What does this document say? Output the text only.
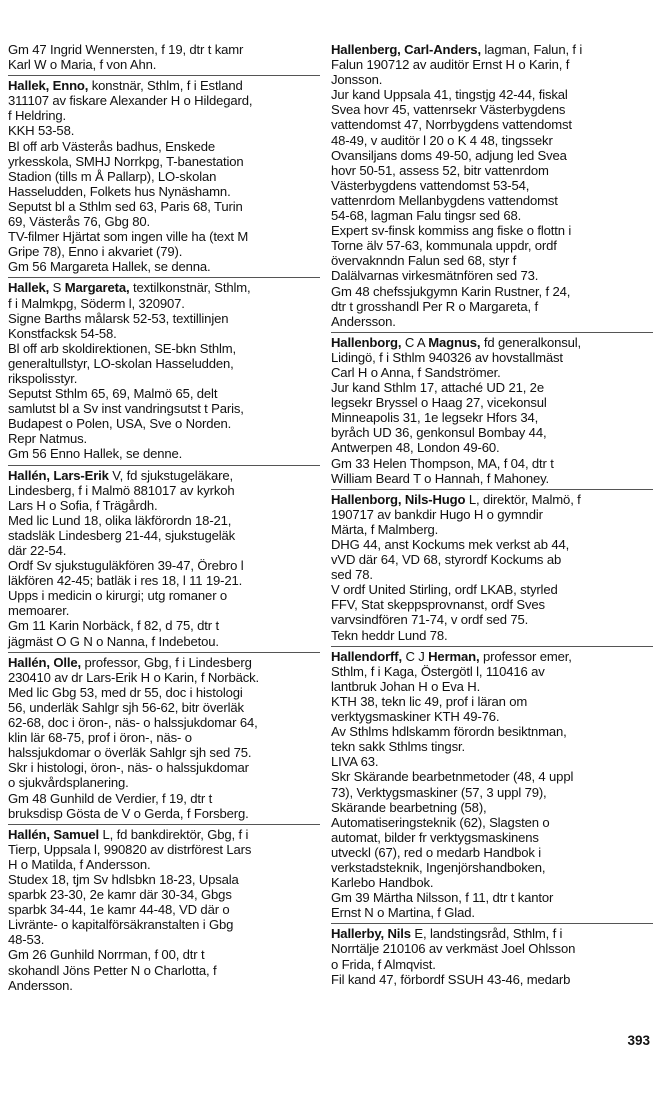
Gm 47 Ingrid Wennersten, f 19, dtr t kamr
Karl W o Maria, f von Ahn.
Hallek, Enno, konstnär, Sthlm, f i Estland
311107 av fiskare Alexander H o Hildegard,
f Heldring.
KKH 53-58.
Bl off arb Västerås badhus, Enskede
yrkesskola, SMHJ Norrkpg, T-banestation
Stadion (tills m Å Pallarp), LO-skolan
Hasseludden, Folkets hus Nynäshamn.
Seputst bl a Sthlm sed 63, Paris 68, Turin
69, Västerås 76, Gbg 80.
TV-filmer Hjärtat som ingen ville ha (text M
Gripe 78), Enno i akvariet (79).
Gm 56 Margareta Hallek, se denna.
Hallek, S Margareta, textilkonstnär, Sthlm,
f i Malmkpg, Söderm l, 320907.
Signe Barths målarsk 52-53, textillinjen
Konstfacksk 54-58.
Bl off arb skoldirektionen, SE-bkn Sthlm,
generaltullstyr, LO-skolan Hasseludden,
rikspolisstyr.
Seputst Sthlm 65, 69, Malmö 65, delt
samlutst bl a Sv inst vandringsutst t Paris,
Budapest o Polen, USA, Sve o Norden.
Repr Natmus.
Gm 56 Enno Hallek, se denne.
Hallén, Lars-Erik V, fd sjukstugeläkare,
Lindesberg, f i Malmö 881017 av kyrkoh
Lars H o Sofia, f Trägårdh.
Med lic Lund 18, olika läkförordn 18-21,
stadsläk Lindesberg 21-44, sjukstugeläk
där 22-54.
Ordf Sv sjukstuguläkfören 39-47, Örebro l
läkfören 42-45; batläk i res 18, l 11 19-21.
Upps i medicin o kirurgi; utg romaner o
memoarer.
Gm 11 Karin Norbäck, f 82, d 75, dtr t
jägmäst O G N o Nanna, f Indebetou.
Hallén, Olle, professor, Gbg, f i Lindesberg
230410 av dr Lars-Erik H o Karin, f Norbäck.
Med lic Gbg 53, med dr 55, doc i histologi
56, underläk Sahlgr sjh 56-62, bitr överläk
62-68, doc i öron-, näs- o halssjukdomar 64,
klin lär 68-75, prof i öron-, näs- o
halssjukdomar o överläk Sahlgr sjh sed 75.
Skr i histologi, öron-, näs- o halssjukdomar
o sjukvårdsplanering.
Gm 48 Gunhild de Verdier, f 19, dtr t
bruksdisp Gösta de V o Gerda, f Forsberg.
Hallén, Samuel L, fd bankdirektör, Gbg, f i
Tierp, Uppsala l, 990820 av distrförest Lars
H o Matilda, f Andersson.
Studex 18, tjm Sv hdlsbkn 18-23, Upsala
sparbk 23-30, 2e kamr där 30-34, Gbgs
sparbk 34-44, 1e kamr 44-48, VD där o
Livränte- o kapitalförsäkranstalten i Gbg
48-53.
Gm 26 Gunhild Norrman, f 00, dtr t
skohandl Jöns Petter N o Charlotta, f
Andersson.
Hallenberg, Carl-Anders, lagman, Falun, f i
Falun 190712 av auditör Ernst H o Karin, f
Jonsson.
Jur kand Uppsala 41, tingstjg 42-44, fiskal
Svea hovr 45, vattenrsekr Västerbygdens
vattendomst 47, Norrbygdens vattendomst
48-49, v auditör l 20 o K 4 48, tingssekr
Ovansiljans doms 49-50, adjung led Svea
hovr 50-51, assess 52, bitr vattenrdom
Västerbygdens vattendomst 53-54,
vattenrdom Mellanbygdens vattendomst
54-68, lagman Falu tingsr sed 68.
Expert sv-finsk kommiss ang fiske o flottn i
Torne älv 57-63, kommunala uppdr, ordf
övervaknndn Falun sed 68, styr f
Dalälvarnas virkesmätnfören sed 73.
Gm 48 chefssjukgymn Karin Rustner, f 24,
dtr t grosshandl Per R o Margareta, f
Andersson.
Hallenborg, C A Magnus, fd generalkonsul,
Lidingö, f i Sthlm 940326 av hovstallmäst
Carl H o Anna, f Sandströmer.
Jur kand Sthlm 17, attaché UD 21, 2e
legsekr Bryssel o Haag 27, vicekonsul
Minneapolis 31, 1e legsekr Hfors 34,
byråch UD 36, genkonsul Bombay 44,
Antwerpen 48, London 49-60.
Gm 33 Helen Thompson, MA, f 04, dtr t
William Beard T o Hannah, f Mahoney.
Hallenborg, Nils-Hugo L, direktör, Malmö, f
190717 av bankdir Hugo H o gymndir
Märta, f Malmberg.
DHG 44, anst Kockums mek verkst ab 44,
vVD där 64, VD 68, styrordf Kockums ab
sed 78.
V ordf United Stirling, ordf LKAB, styrled
FFV, Stat skeppsprovnanst, ordf Sves
varvsindfören 71-74, v ordf sed 75.
Tekn heddr Lund 78.
Hallendorff, C J Herman, professor emer,
Sthlm, f i Kaga, Östergötl l, 110416 av
lantbruk Johan H o Eva H.
KTH 38, tekn lic 49, prof i läran om
verktygsmaskiner KTH 49-76.
Av Sthlms hdlskamm förordn besiktnman,
tekn sakk Sthlms tingsr.
LIVA 63.
Skr Skärande bearbetnmetoder (48, 4 uppl
73), Verktygsmaskiner (57, 3 uppl 79),
Skärande bearbetning (58),
Automatiseringsteknik (62), Slagsten o
automat, bilder fr verktygsmaskinens
utveckl (67), red o medarb Handbok i
verkstadsteknik, Ingenjörshandboken,
Karlebo Handbok.
Gm 39 Märtha Nilsson, f 11, dtr t kantor
Ernst N o Martina, f Glad.
Hallerby, Nils E, landstingsråd, Sthlm, f i
Norrtälje 210106 av verkmäst Joel Ohlsson
o Frida, f Almqvist.
Fil kand 47, förbordf SSUH 43-46, medarb
393
